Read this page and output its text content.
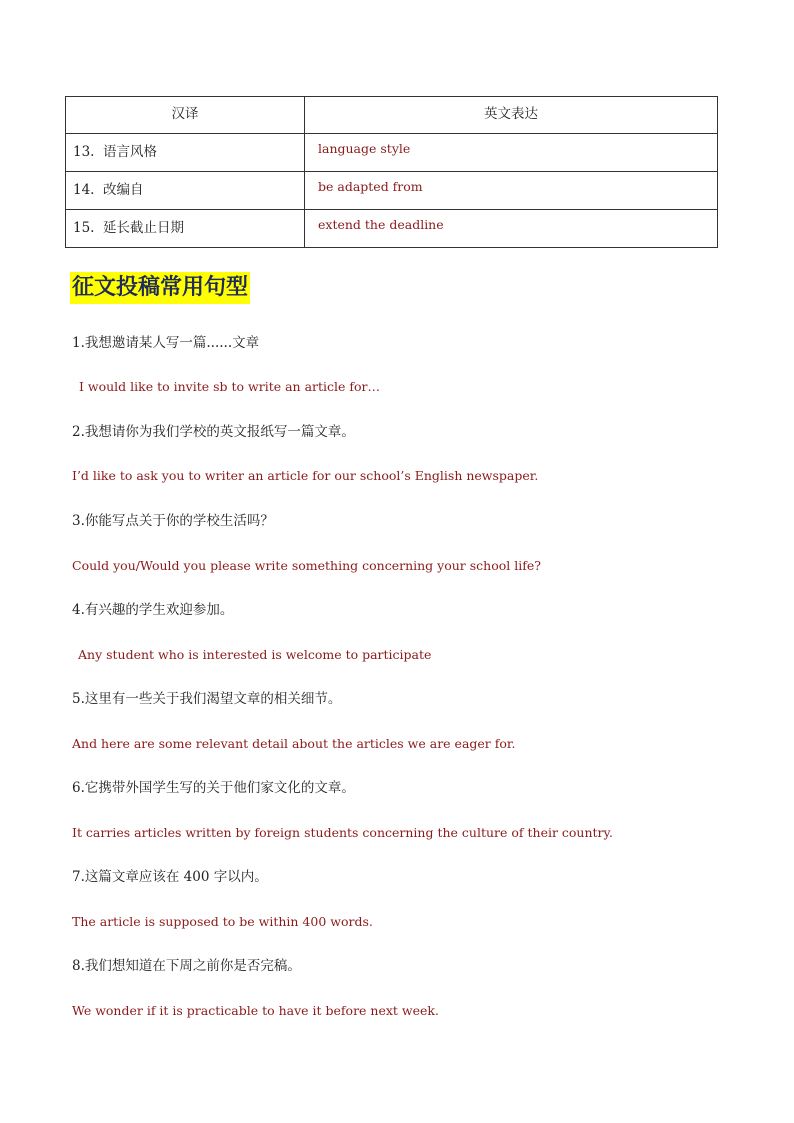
汉译	英文表达
13. 语言风格	language style
14. 改编自	be adapted from
15. 延长截止日期	extend the deadline
征文投稿常用句型
1.我想邀请某人写一篇......文章
I would like to invite sb to write an article for…
2.我想请你为我们学校的英文报纸写一篇文章。
I’d like to ask you to writer an article for our school’s English newspaper.
3.你能写点关于你的学校生活吗？
Could you/Would you please write something concerning your school life?
4.有兴趣的学生欢迎参加。
Any student who is interested is welcome to participate
5.这里有一些关于我们渴望文章的相关细节。
And here are some relevant detail about the articles we are eager for.
6.它携带外国学生写的关于他们家文化的文章。
It carries articles written by foreign students concerning the culture of their country.
7.这篇文章应该在 400 字以内。
The article is supposed to be within 400 words.
8.我们想知道在下周之前你是否完稿。
We wonder if it is practicable to have it before next week.
